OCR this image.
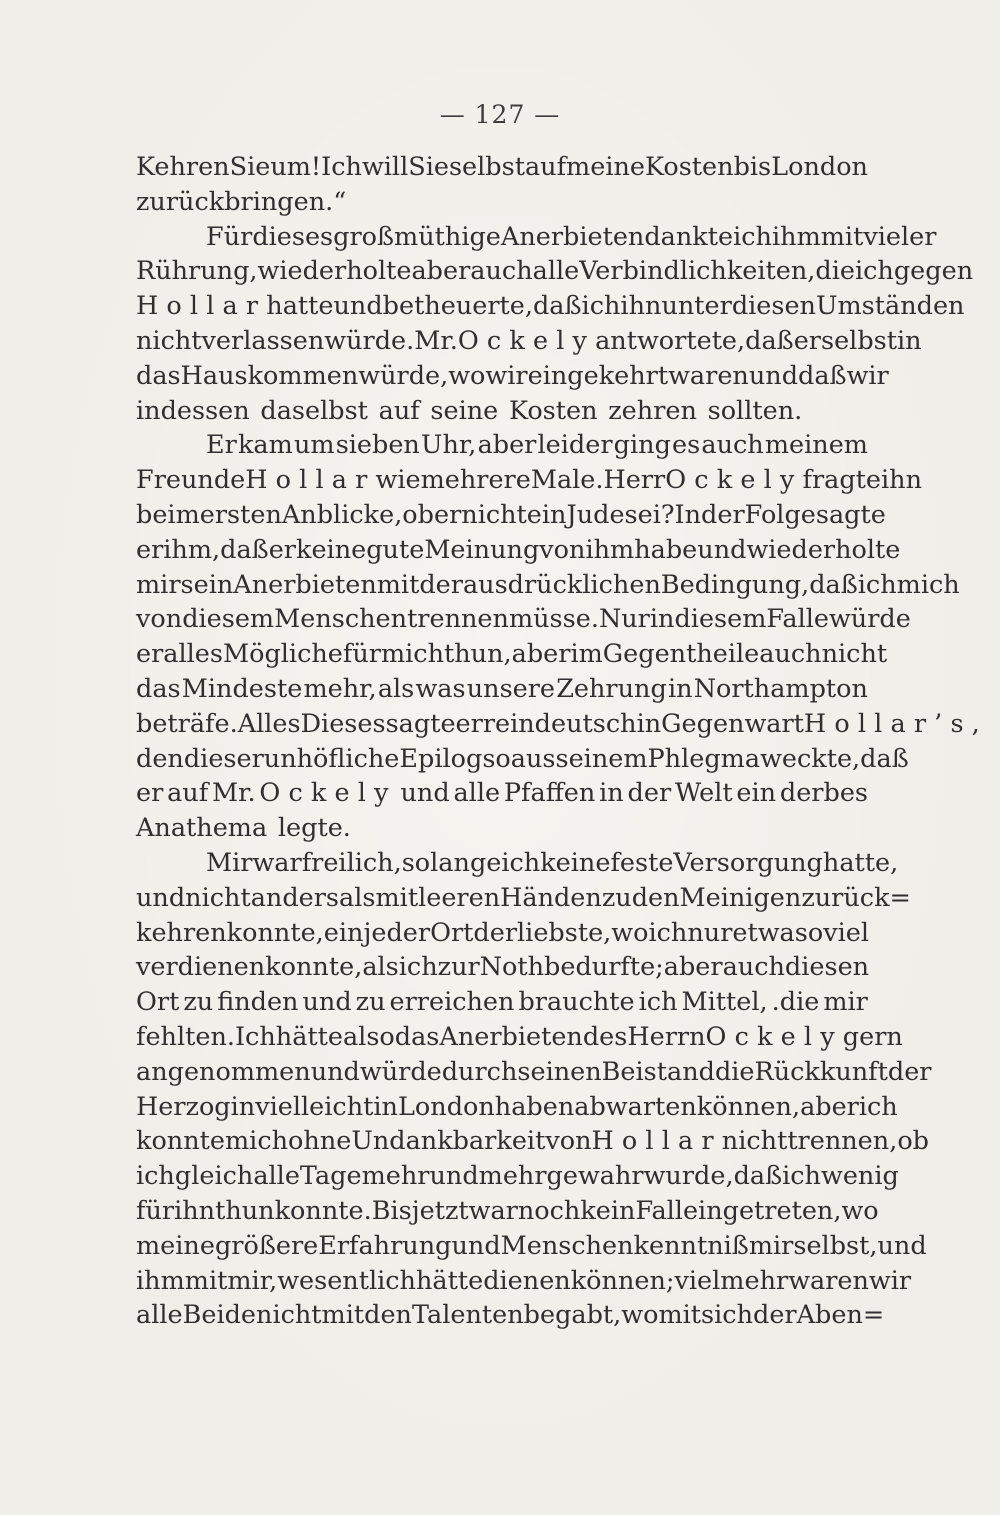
— 127 —
Kehren Sie um! Ich will Sie selbst auf meine Kosten bis London
zurückbringen.“
Für dieses großmüthige Anerbieten dankte ich ihm mit vieler
Rührung, wiederholte aber auch alle Verbindlichkeiten, die ich gegen
Hollar hatte und betheuerte, daß ich ihn unter diesen Umständen
nicht verlassen würde. Mr. Ockely antwortete, daß er selbst in
das Haus kommen würde, wo wir eingekehrt waren und daß wir
indessen daselbst auf seine Kosten zehren sollten.
Er kam um sieben Uhr, aber leider ging es auch meinem
Freunde Hollar wie mehrere Male. Herr Ockely fragte ihn
beim ersten Anblicke, ob er nicht ein Jude sei? In der Folge sagte
er ihm, daß er keine gute Meinung von ihm habe und wiederholte
mir sein Anerbieten mit der ausdrücklichen Bedingung, daß ich mich
von diesem Menschen trennen müsse. Nur in diesem Falle würde
er alles Mögliche für mich thun, aber im Gegentheile auch nicht
das Mindeste mehr, als was unsere Zehrung in Northampton
beträfe. Alles Dieses sagte er rein deutsch in Gegenwart Hollar’s,
den dieser unhöfliche Epilog so aus seinem Phlegma weckte, daß
er auf Mr. Ockely und alle Pfaffen in der Welt ein derbes
Anathema legte.
Mir war freilich, so lange ich keine feste Versorgung hatte,
und nicht anders als mit leeren Händen zu den Meinigen zurück=
kehren konnte, ein jeder Ort der liebste, wo ich nur etwa so viel
verdienen konnte, als ich zur Noth bedurfte; aber auch diesen
Ort zu finden und zu erreichen brauchte ich Mittel, .die mir
fehlten. Ich hätte also das Anerbieten des Herrn Ockely gern
angenommen und würde durch seinen Beistand die Rückkunft der
Herzogin vielleicht in London haben abwarten können, aber ich
konnte mich ohne Undankbarkeit von Hollar nicht trennen, ob
ich gleich alle Tage mehr und mehr gewahr wurde, daß ich wenig
für ihn thun konnte. Bis jetzt war noch kein Fall eingetreten, wo
meine größere Erfahrung und Menschenkenntniß mir selbst, und
ihm mit mir, wesentlich hätte dienen können; vielmehr waren wir
alle Beide nicht mit den Talenten begabt, womit sich der Aben=
